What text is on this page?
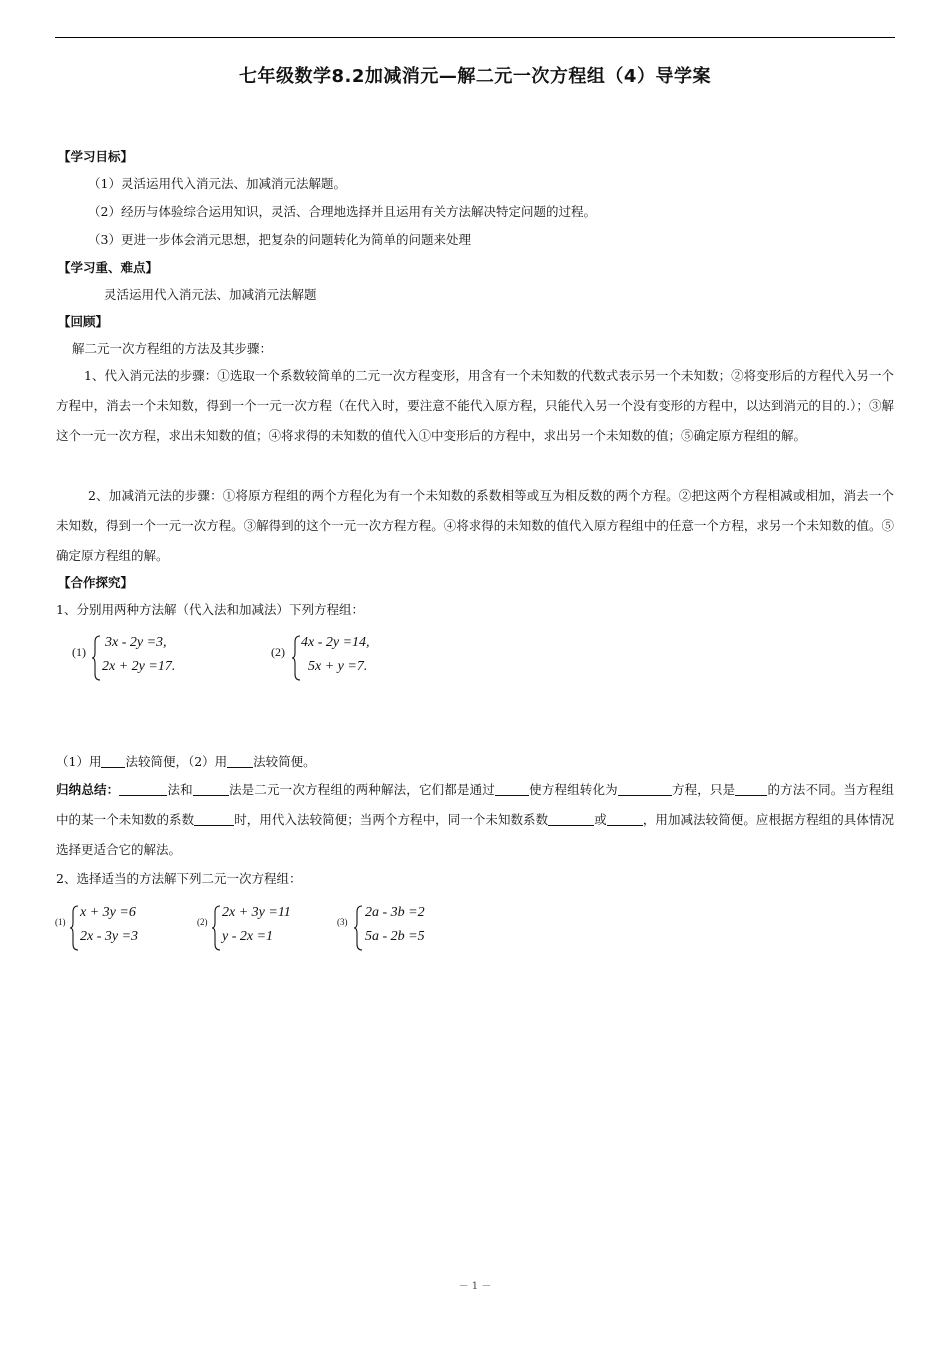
七年级数学8.2加减消元—解二元一次方程组（4）导学案
【学习目标】
（1）灵活运用代入消元法、加减消元法解题。
（2）经历与体验综合运用知识，灵活、合理地选择并且运用有关方法解决特定问题的过程。
（3）更进一步体会消元思想，把复杂的问题转化为简单的问题来处理
【学习重、难点】
灵活运用代入消元法、加减消元法解题
【回顾】
解二元一次方程组的方法及其步骤：
1、代入消元法的步骤：①选取一个系数较简单的二元一次方程变形，用含有一个未知数的代数式表示另一个未知数；②将变形后的方程代入另一个方程中，消去一个未知数，得到一个一元一次方程（在代入时，要注意不能代入原方程，只能代入另一个没有变形的方程中，以达到消元的目的.）；③解这个一元一次方程，求出未知数的值；④将求得的未知数的值代入①中变形后的方程中，求出另一个未知数的值；⑤确定原方程组的解。
2、加减消元法的步骤：①将原方程组的两个方程化为有一个未知数的系数相等或互为相反数的两个方程。②把这两个方程相减或相加，消去一个未知数，得到一个一元一次方程。③解得到的这个一元一次方程方程。④将求得的未知数的值代入原方程组中的任意一个方程，求另一个未知数的值。⑤确定原方程组的解。
【合作探究】
1、分别用两种方法解（代入法和加减法）下列方程组：
(1)
3x - 2y =3,
2x + 2y =17.
(2)
4x - 2y =14,
5x + y =7.
（1）用 法较简便，（2）用 法较简便。
归纳总结：	法和	法是二元一次方程组的两种解法，它们都是通过	使方程组转化为	方程，只是	的方法不同。当方程组中的某一个未知数的系数	时，用代入法较简便；当两个方程中，同一个未知数系数	或	，用加减法较简便。应根据方程组的具体情况选择更适合它的解法。
2、选择适当的方法解下列二元一次方程组：
(1)
x + 3y =6
2x - 3y =3
(2)
2x + 3y =11
y - 2x =1
(3)
2a - 3b =2
5a - 2b =5
－ 1 －
